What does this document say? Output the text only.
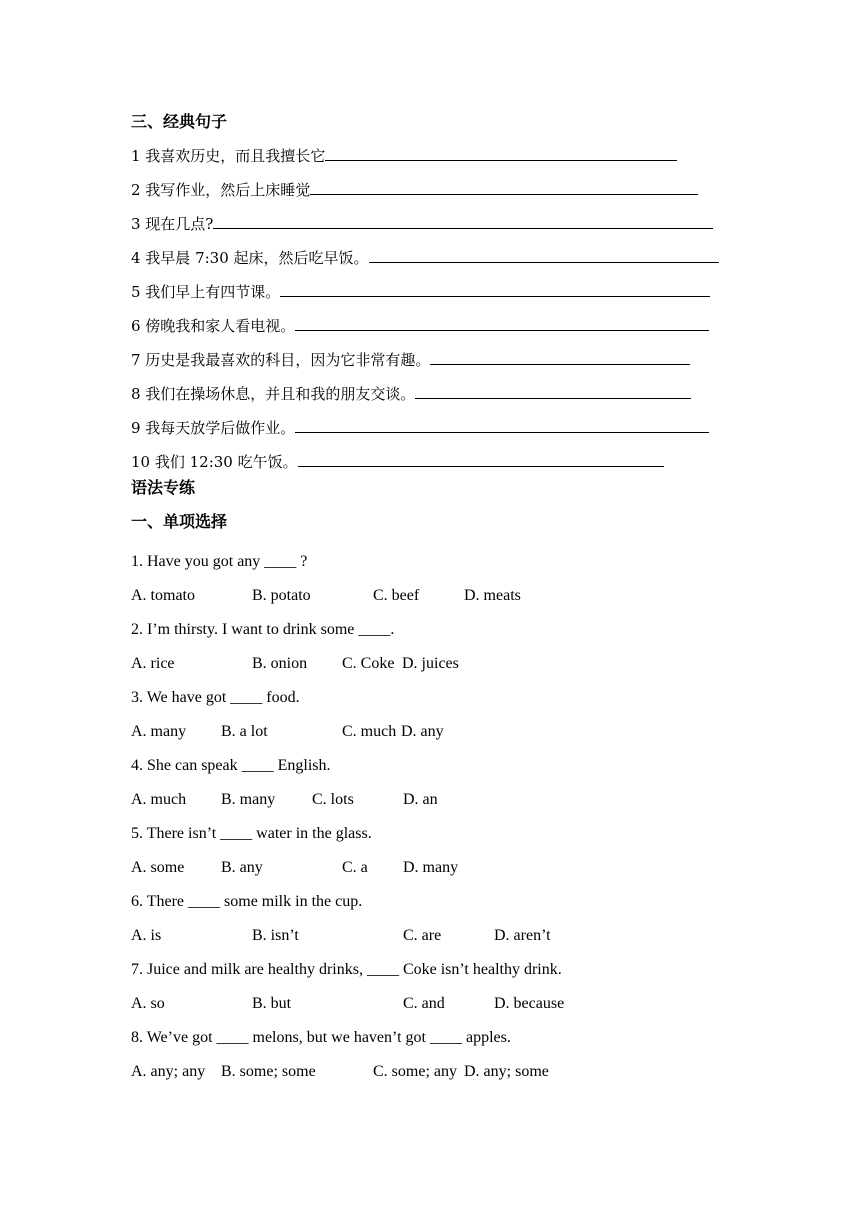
三、经典句子
1 我喜欢历史，而且我擅长它
2 我写作业，然后上床睡觉
3 现在几点?
4 我早晨 7:30 起床，然后吃早饭。
5 我们早上有四节课。
6 傍晚我和家人看电视。
7 历史是我最喜欢的科目，因为它非常有趣。
8 我们在操场休息，并且和我的朋友交谈。
9 我每天放学后做作业。
10 我们 12:30 吃午饭。
语法专练
一、单项选择
1. Have you got any ____ ?
A. tomato	B. potato	C. beef	D. meats
2. I’m thirsty. I want to drink some ____.
A. rice	B. onion C. Coke D. juices
3. We have got ____ food.
A. many B. a lot	C. much D. any
4. She can speak ____ English.
A. much B. many C. lots	D. an
5. There isn’t ____ water in the glass.
A. some B. any	C. a D. many
6. There ____ some milk in the cup.
A. is	B. isn’t	C. are	D. aren’t
7. Juice and milk are healthy drinks, ____ Coke isn’t healthy drink.
A. so	B. but	C. and	D. because
8. We’ve got ____ melons, but we haven’t got ____ apples.
A. any; any B. some; some	C. some; any D. any; some
